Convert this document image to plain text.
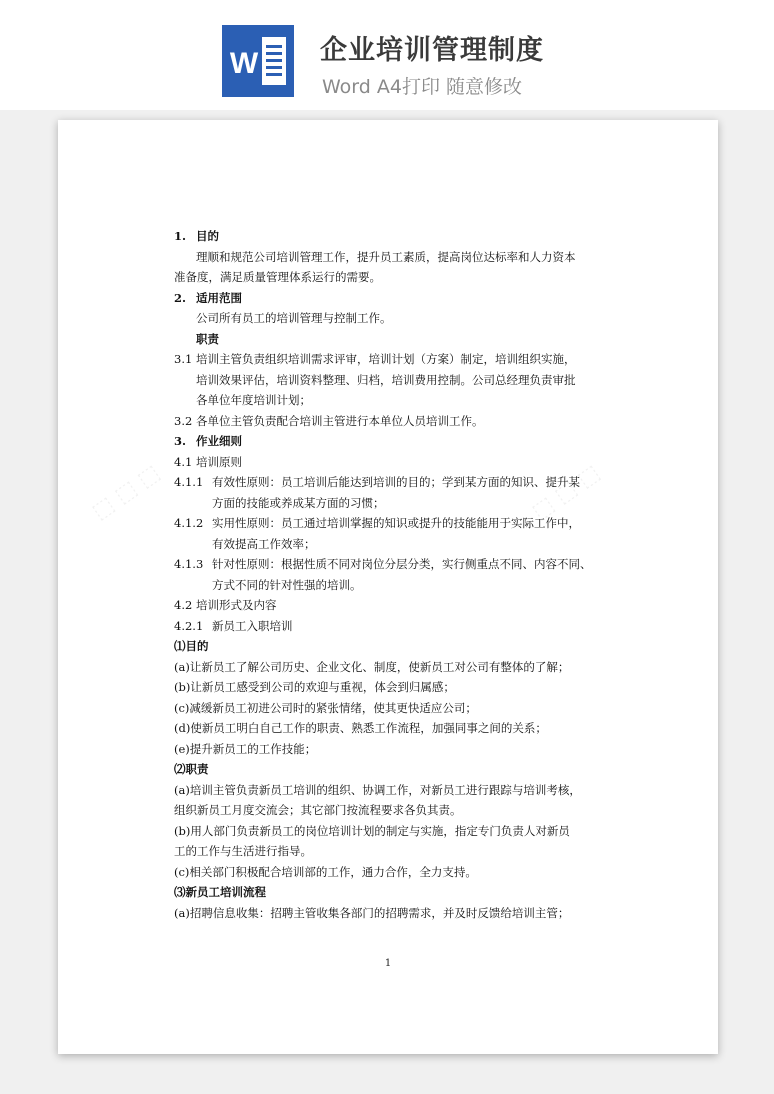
W 企业培训管理制度
Word A4打印 随意修改
⬚ ⬚ ⬚	⬚ ⬚ ⬚
1. 目的
理顺和规范公司培训管理工作，提升员工素质，提高岗位达标率和人力资本
准备度，满足质量管理体系运行的需要。
2. 适用范围
公司所有员工的培训管理与控制工作。
职责
3.1 培训主管负责组织培训需求评审，培训计划（方案）制定，培训组织实施，
培训效果评估，培训资料整理、归档，培训费用控制。公司总经理负责审批
各单位年度培训计划；
3.2 各单位主管负责配合培训主管进行本单位人员培训工作。
3. 作业细则
4.1 培训原则
4.1.1 有效性原则：员工培训后能达到培训的目的；学到某方面的知识、提升某
方面的技能或养成某方面的习惯；
4.1.2 实用性原则：员工通过培训掌握的知识或提升的技能能用于实际工作中，
有效提高工作效率；
4.1.3 针对性原则：根据性质不同对岗位分层分类，实行侧重点不同、内容不同、
方式不同的针对性强的培训。
4.2 培训形式及内容
4.2.1 新员工入职培训
⑴目的
(a)让新员工了解公司历史、企业文化、制度，使新员工对公司有整体的了解；
(b)让新员工感受到公司的欢迎与重视，体会到归属感；
(c)减缓新员工初进公司时的紧张情绪，使其更快适应公司；
(d)使新员工明白自己工作的职责、熟悉工作流程，加强同事之间的关系；
(e)提升新员工的工作技能；
⑵职责
(a)培训主管负责新员工培训的组织、协调工作，对新员工进行跟踪与培训考核，
组织新员工月度交流会；其它部门按流程要求各负其责。
(b)用人部门负责新员工的岗位培训计划的制定与实施，指定专门负责人对新员
工的工作与生活进行指导。
(c)相关部门积极配合培训部的工作，通力合作，全力支持。
⑶新员工培训流程
(a)招聘信息收集：招聘主管收集各部门的招聘需求，并及时反馈给培训主管；
1
